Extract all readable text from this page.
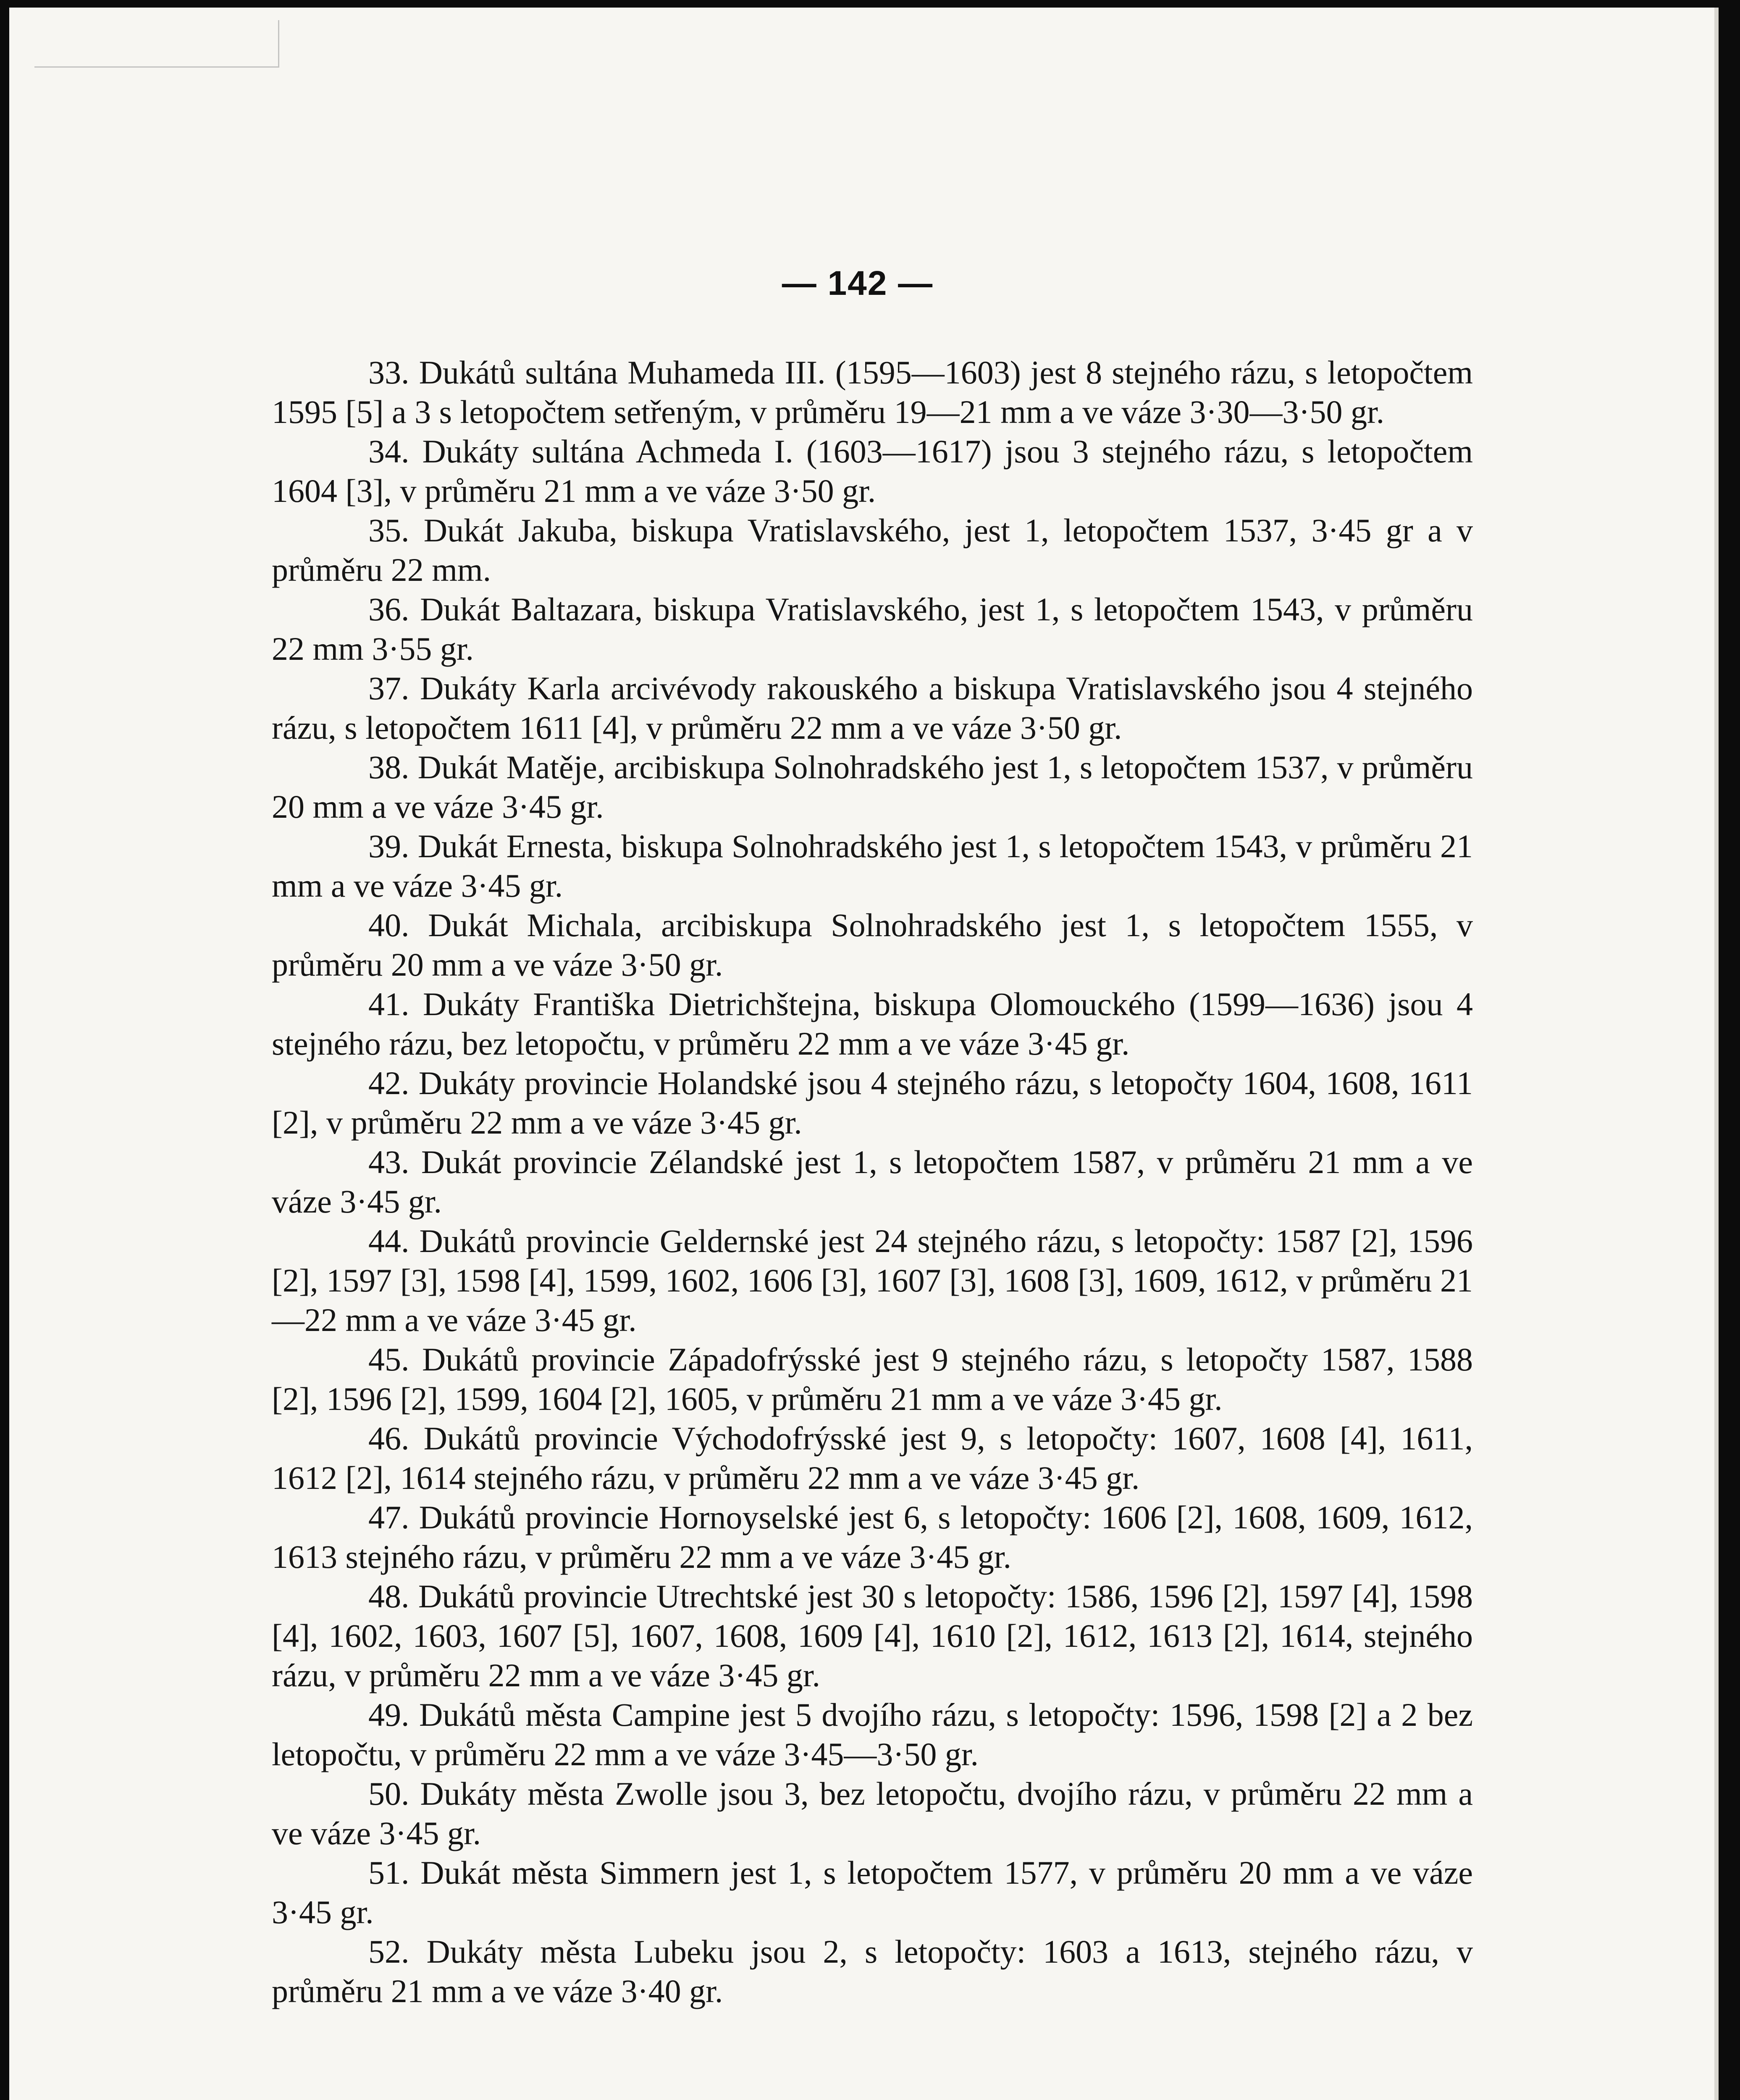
— 142 —

33. Dukátů sultána Muhameda III. (1595—1603) jest 8 stejného rázu, s letopočtem 1595 [5] a 3 s letopočtem setřeným, v průměru 19—21 mm a ve váze 3·30—3·50 gr.

34. Dukáty sultána Achmeda I. (1603—1617) jsou 3 stejného rázu, s letopočtem 1604 [3], v průměru 21 mm a ve váze 3·50 gr.

35. Dukát Jakuba, biskupa Vratislavského, jest 1, letopočtem 1537, 3·45 gr a v průměru 22 mm.

36. Dukát Baltazara, biskupa Vratislavského, jest 1, s letopočtem 1543, v průměru 22 mm 3·55 gr.

37. Dukáty Karla arcivévody rakouského a biskupa Vratislavského jsou 4 stejného rázu, s letopočtem 1611 [4], v průměru 22 mm a ve váze 3·50 gr.

38. Dukát Matěje, arcibiskupa Solnohradského jest 1, s letopočtem 1537, v průměru 20 mm a ve váze 3·45 gr.

39. Dukát Ernesta, biskupa Solnohradského jest 1, s letopočtem 1543, v průměru 21 mm a ve váze 3·45 gr.

40. Dukát Michala, arcibiskupa Solnohradského jest 1, s letopočtem 1555, v průměru 20 mm a ve váze 3·50 gr.

41. Dukáty Františka Dietrichštejna, biskupa Olomouckého (1599—1636) jsou 4 stejného rázu, bez letopočtu, v průměru 22 mm a ve váze 3·45 gr.

42. Dukáty provincie Holandské jsou 4 stejného rázu, s letopočty 1604, 1608, 1611 [2], v průměru 22 mm a ve váze 3·45 gr.

43. Dukát provincie Zélandské jest 1, s letopočtem 1587, v průměru 21 mm a ve váze 3·45 gr.

44. Dukátů provincie Geldernské jest 24 stejného rázu, s letopočty: 1587 [2], 1596 [2], 1597 [3], 1598 [4], 1599, 1602, 1606 [3], 1607 [3], 1608 [3], 1609, 1612, v průměru 21—22 mm a ve váze 3·45 gr.

45. Dukátů provincie Západofrýsské jest 9 stejného rázu, s letopočty 1587, 1588 [2], 1596 [2], 1599, 1604 [2], 1605, v průměru 21 mm a ve váze 3·45 gr.

46. Dukátů provincie Východofrýsské jest 9, s letopočty: 1607, 1608 [4], 1611, 1612 [2], 1614 stejného rázu, v průměru 22 mm a ve váze 3·45 gr.

47. Dukátů provincie Hornoyselské jest 6, s letopočty: 1606 [2], 1608, 1609, 1612, 1613 stejného rázu, v průměru 22 mm a ve váze 3·45 gr.

48. Dukátů provincie Utrechtské jest 30 s letopočty: 1586, 1596 [2], 1597 [4], 1598 [4], 1602, 1603, 1607 [5], 1607, 1608, 1609 [4], 1610 [2], 1612, 1613 [2], 1614, stejného rázu, v průměru 22 mm a ve váze 3·45 gr.

49. Dukátů města Campine jest 5 dvojího rázu, s letopočty: 1596, 1598 [2] a 2 bez letopočtu, v průměru 22 mm a ve váze 3·45—3·50 gr.

50. Dukáty města Zwolle jsou 3, bez letopočtu, dvojího rázu, v průměru 22 mm a ve váze 3·45 gr.

51. Dukát města Simmern jest 1, s letopočtem 1577, v průměru 20 mm a ve váze 3·45 gr.

52. Dukáty města Lubeku jsou 2, s letopočty: 1603 a 1613, stejného rázu, v průměru 21 mm a ve váze 3·40 gr.
